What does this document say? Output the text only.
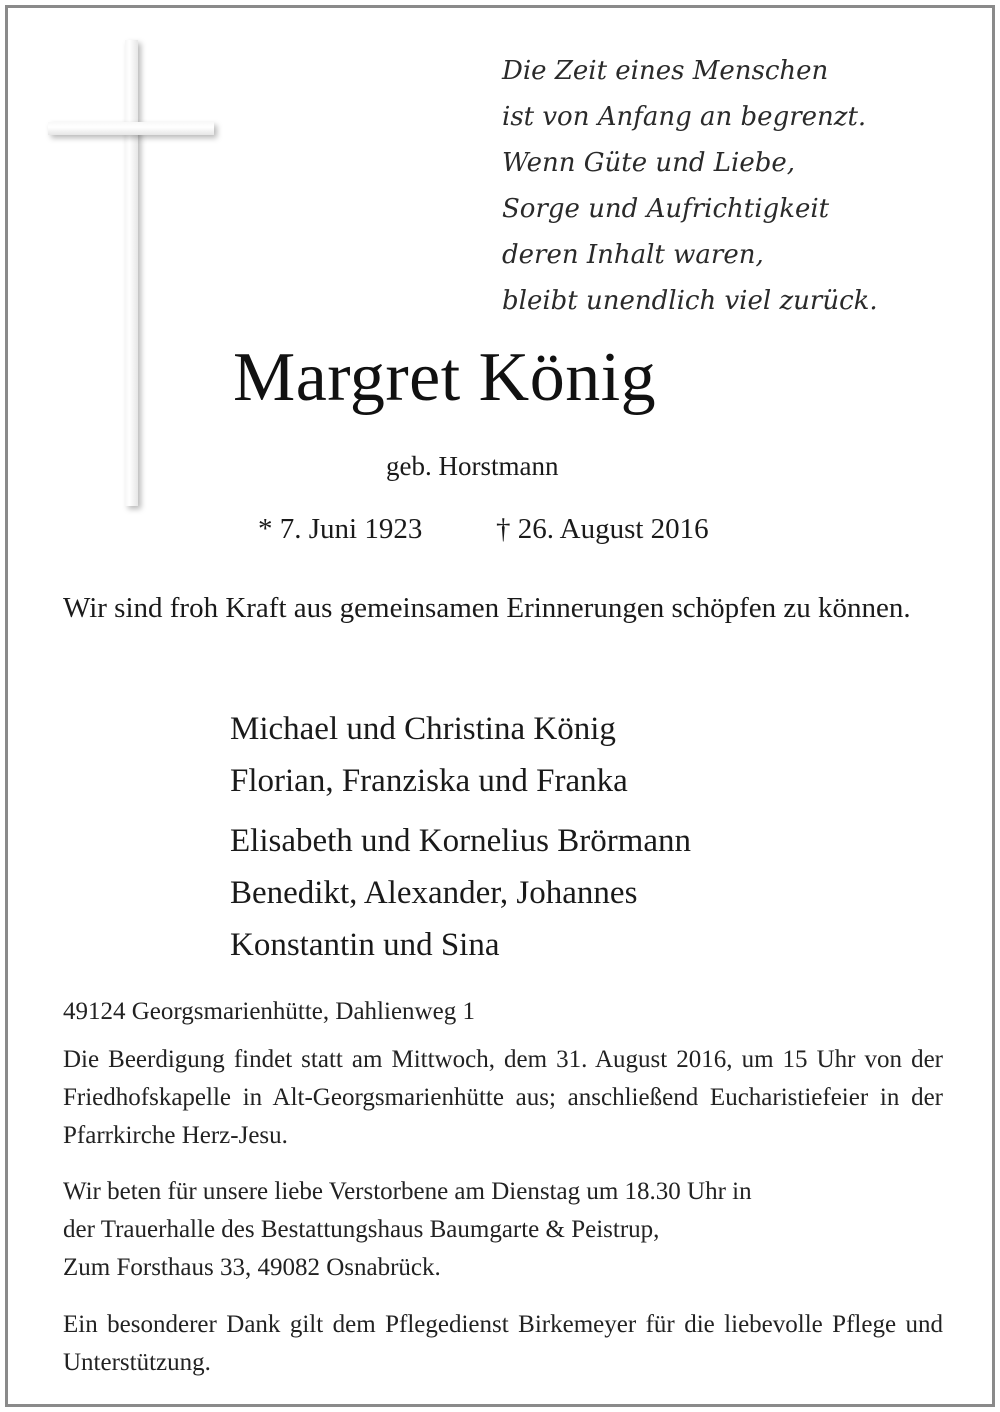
Die Zeit eines Menschen
ist von Anfang an begrenzt.
Wenn Güte und Liebe,
Sorge und Aufrichtigkeit
deren Inhalt waren,
bleibt unendlich viel zurück.
Margret König
geb. Horstmann
* 7. Juni 1923	† 26. August 2016
Wir sind froh Kraft aus gemeinsamen Erinnerungen schöpfen zu können.
Michael und Christina König
Florian, Franziska und Franka
Elisabeth und Kornelius Brörmann
Benedikt, Alexander, Johannes
Konstantin und Sina
49124 Georgsmarienhütte, Dahlienweg 1
Die Beerdigung findet statt am Mittwoch, dem 31. August 2016, um 15 Uhr von der Friedhofskapelle in Alt-Georgsmarienhütte aus; anschließend Eucharistiefeier in der Pfarrkirche Herz-Jesu.
Wir beten für unsere liebe Verstorbene am Dienstag um 18.30 Uhr in
der Trauerhalle des Bestattungshaus Baumgarte & Peistrup,
Zum Forsthaus 33, 49082 Osnabrück.
Ein besonderer Dank gilt dem Pflegedienst Birkemeyer für die liebevolle Pflege und Unterstützung.
